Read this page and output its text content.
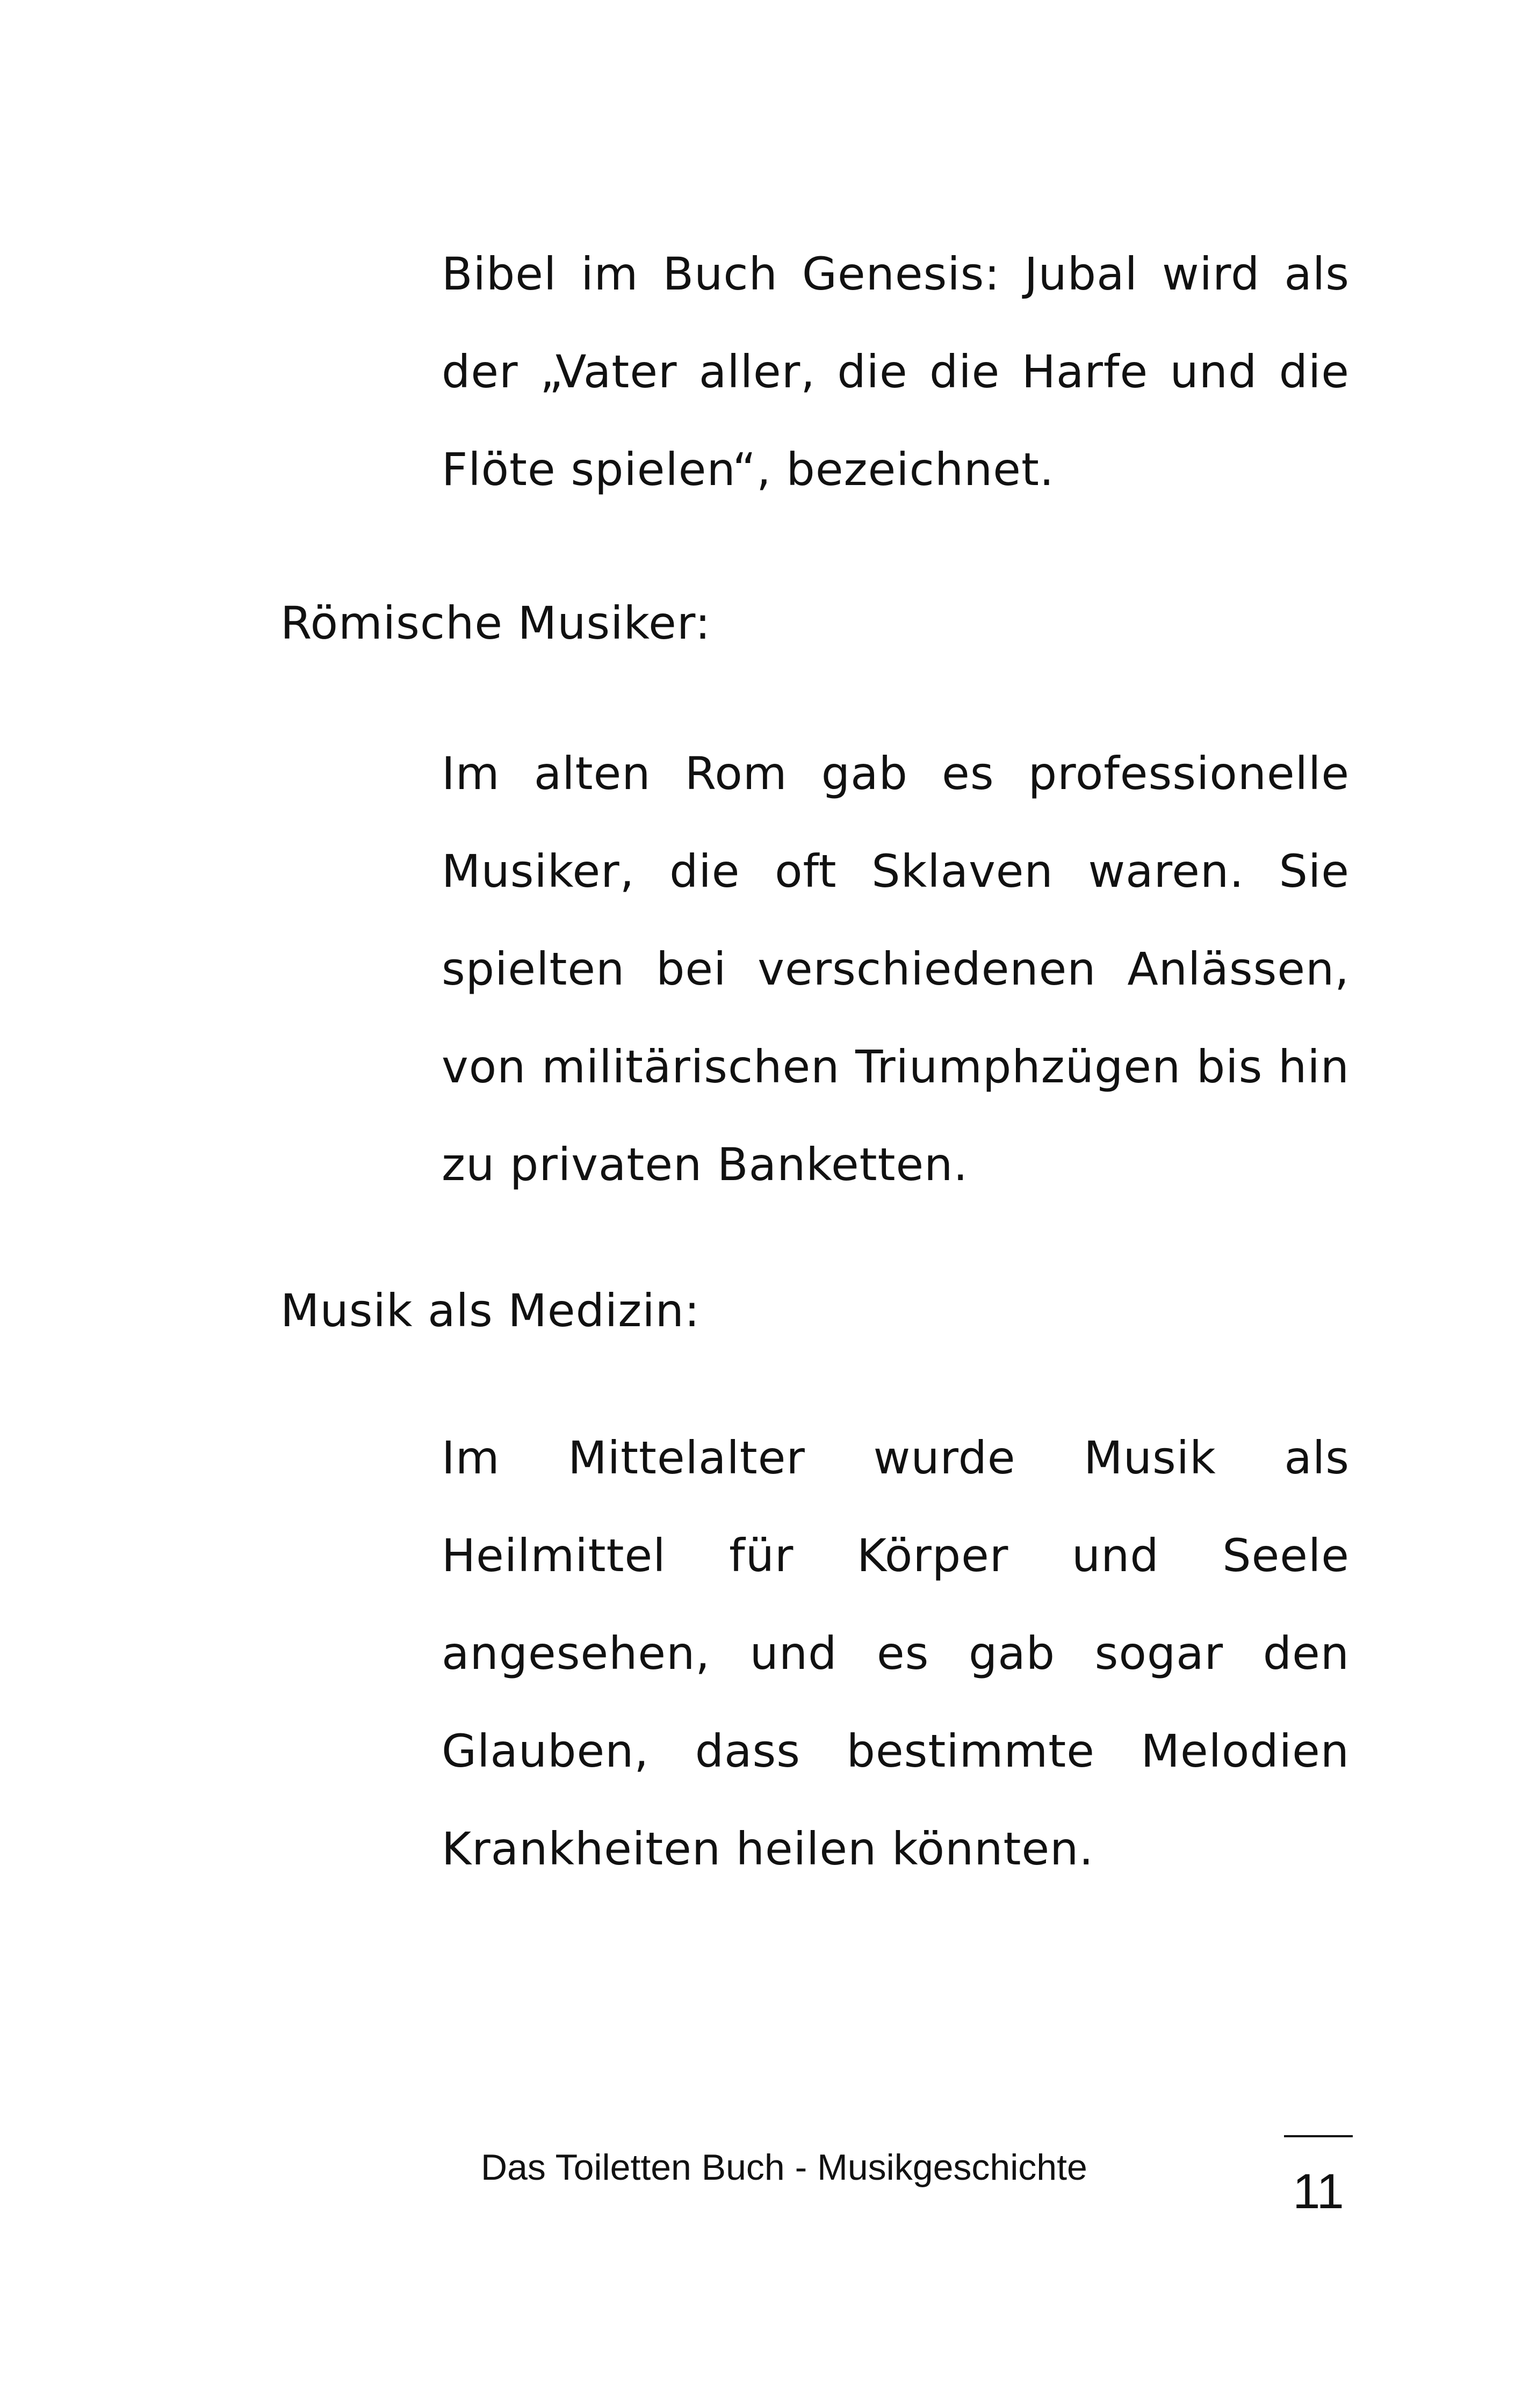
Bibel im Buch Genesis: Jubal wird als
der „Vater aller, die die Harfe und die
Flöte spielen“, bezeichnet.
Römische Musiker:
Im alten Rom gab es professionelle
Musiker, die oft Sklaven waren. Sie
spielten bei verschiedenen Anlässen,
von militärischen Triumphzügen bis hin
zu privaten Banketten.
Musik als Medizin:
Im Mittelalter wurde Musik als
Heilmittel für Körper und Seele
angesehen, und es gab sogar den
Glauben, dass bestimmte Melodien
Krankheiten heilen könnten.
Das Toiletten Buch - Musikgeschichte	11
